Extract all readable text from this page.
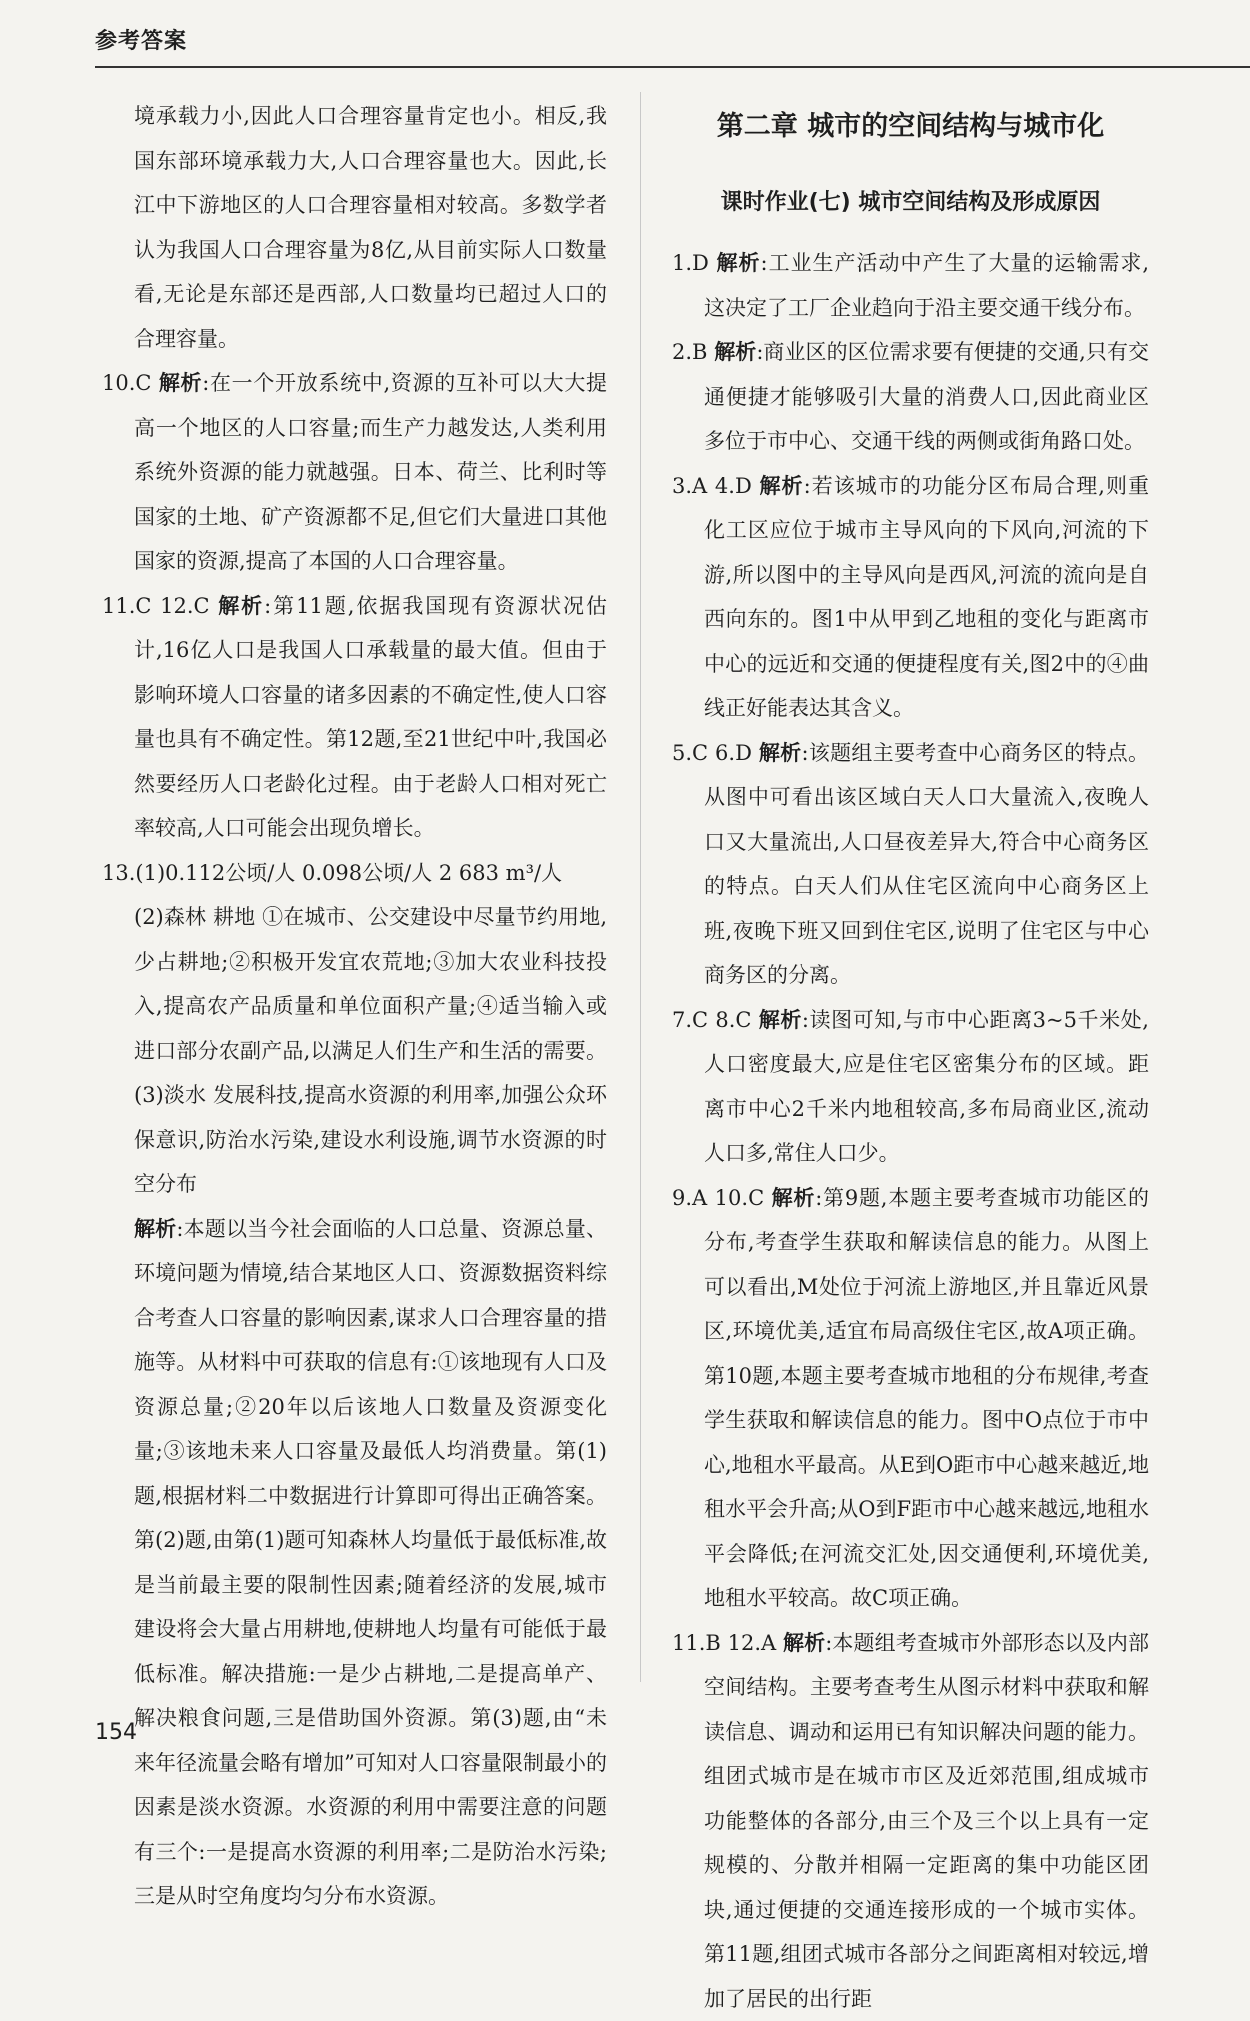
参考答案

境承载力小,因此人口合理容量肯定也小。相反,我国东部环境承载力大,人口合理容量也大。因此,长江中下游地区的人口合理容量相对较高。多数学者认为我国人口合理容量为8亿,从目前实际人口数量看,无论是东部还是西部,人口数量均已超过人口的合理容量。

10.C 解析:在一个开放系统中,资源的互补可以大大提高一个地区的人口容量;而生产力越发达,人类利用系统外资源的能力就越强。日本、荷兰、比利时等国家的土地、矿产资源都不足,但它们大量进口其他国家的资源,提高了本国的人口合理容量。

11.C 12.C 解析:第11题,依据我国现有资源状况估计,16亿人口是我国人口承载量的最大值。但由于影响环境人口容量的诸多因素的不确定性,使人口容量也具有不确定性。第12题,至21世纪中叶,我国必然要经历人口老龄化过程。由于老龄人口相对死亡率较高,人口可能会出现负增长。

13.(1)0.112公顷/人 0.098公顷/人 2 683 m³/人

(2)森林 耕地 ①在城市、公交建设中尽量节约用地,少占耕地;②积极开发宜农荒地;③加大农业科技投入,提高农产品质量和单位面积产量;④适当输入或进口部分农副产品,以满足人们生产和生活的需要。(3)淡水 发展科技,提高水资源的利用率,加强公众环保意识,防治水污染,建设水利设施,调节水资源的时空分布

解析:本题以当今社会面临的人口总量、资源总量、环境问题为情境,结合某地区人口、资源数据资料综合考查人口容量的影响因素,谋求人口合理容量的措施等。从材料中可获取的信息有:①该地现有人口及资源总量;②20年以后该地人口数量及资源变化量;③该地未来人口容量及最低人均消费量。第(1)题,根据材料二中数据进行计算即可得出正确答案。第(2)题,由第(1)题可知森林人均量低于最低标准,故是当前最主要的限制性因素;随着经济的发展,城市建设将会大量占用耕地,使耕地人均量有可能低于最低标准。解决措施:一是少占耕地,二是提高单产、解决粮食问题,三是借助国外资源。第(3)题,由“未来年径流量会略有增加”可知对人口容量限制最小的因素是淡水资源。水资源的利用中需要注意的问题有三个:一是提高水资源的利用率;二是防治水污染;三是从时空角度均匀分布水资源。

第二章 城市的空间结构与城市化

课时作业(七) 城市空间结构及形成原因

1.D 解析:工业生产活动中产生了大量的运输需求,这决定了工厂企业趋向于沿主要交通干线分布。

2.B 解析:商业区的区位需求要有便捷的交通,只有交通便捷才能够吸引大量的消费人口,因此商业区多位于市中心、交通干线的两侧或街角路口处。

3.A 4.D 解析:若该城市的功能分区布局合理,则重化工区应位于城市主导风向的下风向,河流的下游,所以图中的主导风向是西风,河流的流向是自西向东的。图1中从甲到乙地租的变化与距离市中心的远近和交通的便捷程度有关,图2中的④曲线正好能表达其含义。

5.C 6.D 解析:该题组主要考查中心商务区的特点。从图中可看出该区域白天人口大量流入,夜晚人口又大量流出,人口昼夜差异大,符合中心商务区的特点。白天人们从住宅区流向中心商务区上班,夜晚下班又回到住宅区,说明了住宅区与中心商务区的分离。

7.C 8.C 解析:读图可知,与市中心距离3~5千米处,人口密度最大,应是住宅区密集分布的区域。距离市中心2千米内地租较高,多布局商业区,流动人口多,常住人口少。

9.A 10.C 解析:第9题,本题主要考查城市功能区的分布,考查学生获取和解读信息的能力。从图上可以看出,M处位于河流上游地区,并且靠近风景区,环境优美,适宜布局高级住宅区,故A项正确。第10题,本题主要考查城市地租的分布规律,考查学生获取和解读信息的能力。图中O点位于市中心,地租水平最高。从E到O距市中心越来越近,地租水平会升高;从O到F距市中心越来越远,地租水平会降低;在河流交汇处,因交通便利,环境优美,地租水平较高。故C项正确。

11.B 12.A 解析:本题组考查城市外部形态以及内部空间结构。主要考查考生从图示材料中获取和解读信息、调动和运用已有知识解决问题的能力。组团式城市是在城市市区及近郊范围,组成城市功能整体的各部分,由三个及三个以上具有一定规模的、分散并相隔一定距离的集中功能区团块,通过便捷的交通连接形成的一个城市实体。第11题,组团式城市各部分之间距离相对较远,增加了居民的出行距

154
